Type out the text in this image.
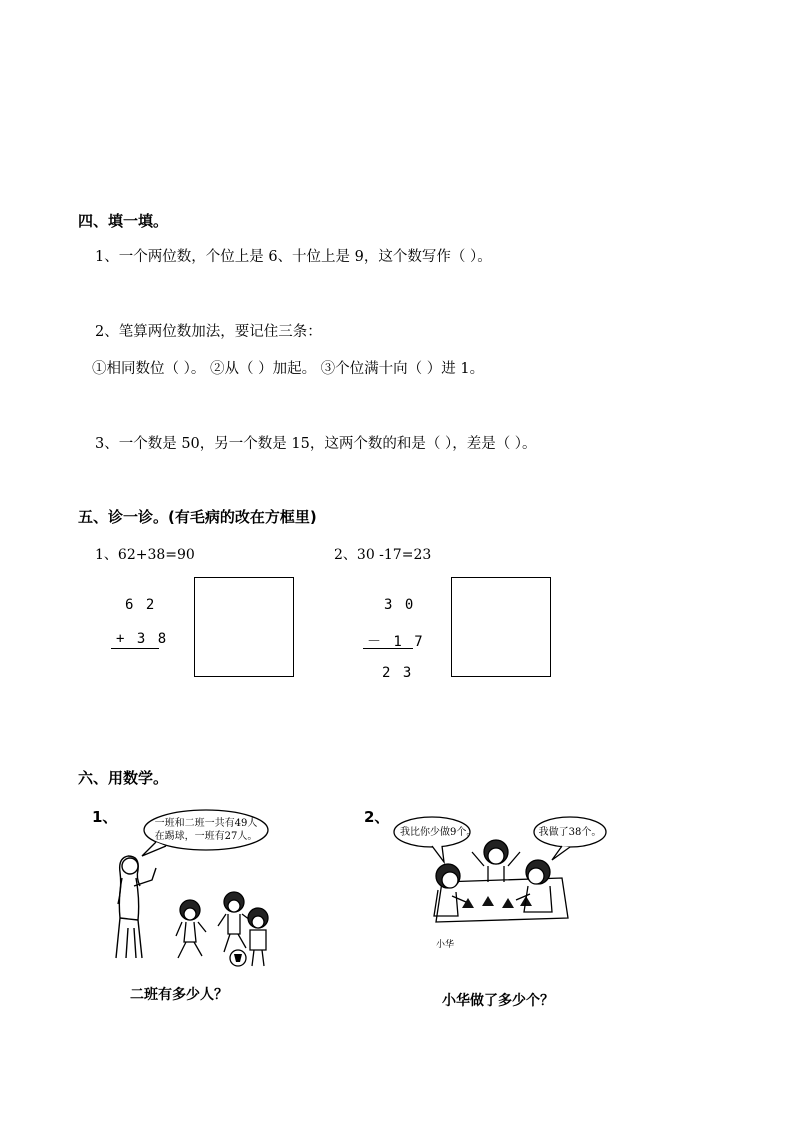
四、填一填。
1、一个两位数，个位上是 6、十位上是 9，这个数写作（ ）。
2、笔算两位数加法，要记住三条：
①相同数位（ ）。 ②从（ ）加起。 ③个位满十向（ ）进 1。
3、一个数是 50，另一个数是 15，这两个数的和是（ ），差是（ ）。
五、诊一诊。(有毛病的改在方框里)
1、62+38=90
6 2
+ 3 8
2、30 -17=23
3 0
－ 1 7
2 3
六、用数学。
1、	一班和二班一共有49人
在踢球，一班有27人。
二班有多少人？
2、
我比你少做9个。	我做了38个。
小华
小华做了多少个？
